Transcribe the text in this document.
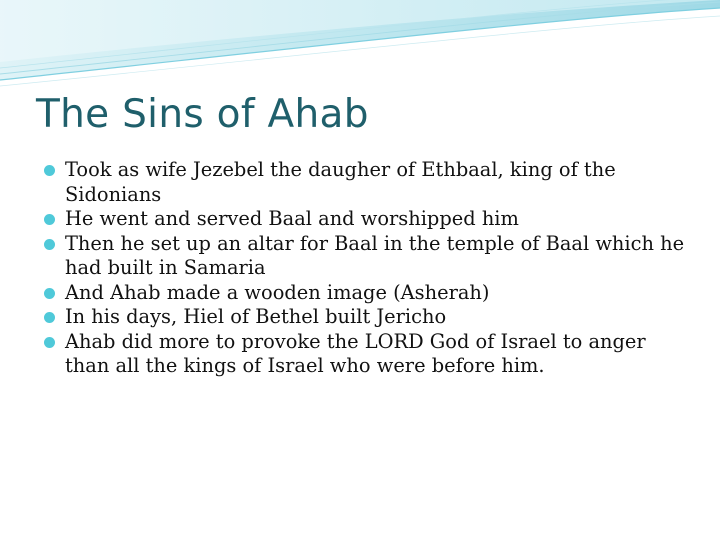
The Sins of Ahab
Took as wife Jezebel the daugher of Ethbaal, king of the Sidonians
He went and served Baal and worshipped him
Then he set up an altar for Baal in the temple of Baal which he had built in Samaria
And Ahab made a wooden image (Asherah)
In his days, Hiel of Bethel built Jericho
Ahab did more to provoke the LORD God of Israel to anger than all the kings of Israel who were before him.
